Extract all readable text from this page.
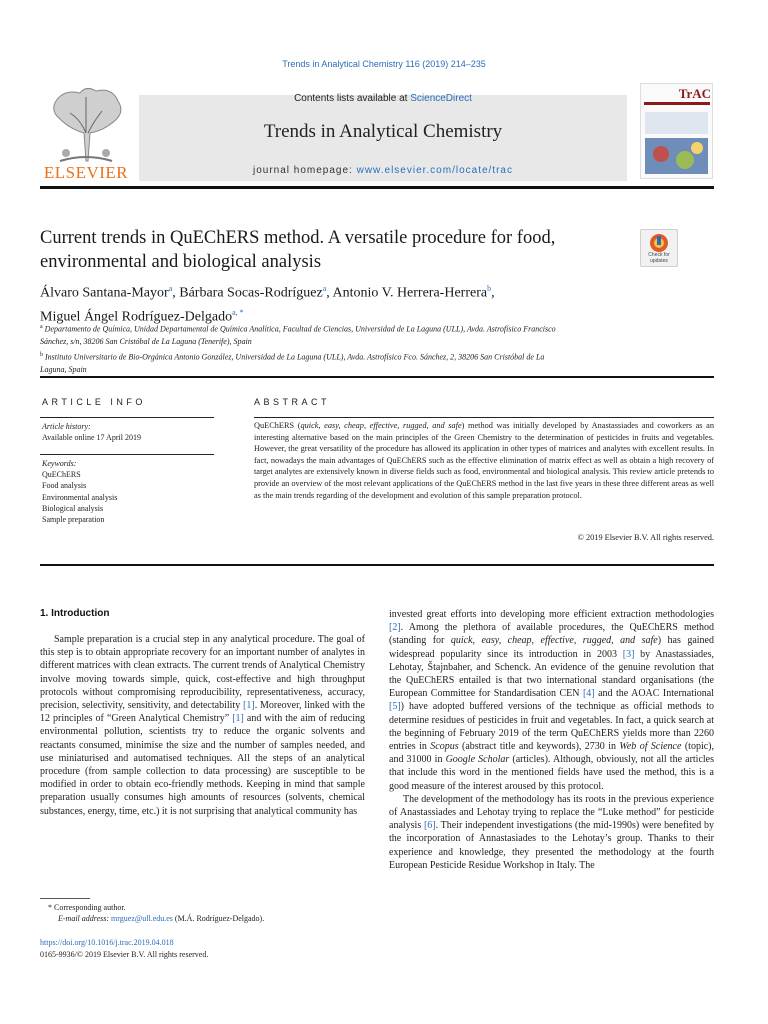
Trends in Analytical Chemistry 116 (2019) 214–235
ELSEVIER
Contents lists available at ScienceDirect
Trends in Analytical Chemistry
journal homepage: www.elsevier.com/locate/trac
TrAC
Current trends in QuEChERS method. A versatile procedure for food,
environmental and biological analysis	Check for updates
Álvaro Santana-Mayor$^a$, Bárbara Socas-Rodríguez$^a$, Antonio V. Herrera-Herrera$^b$,
Miguel Ángel Rodríguez-Delgado$^{a, *}$
$^a$ Departamento de Química, Unidad Departamental de Química Analítica, Facultad de Ciencias, Universidad de La Laguna (ULL), Avda. Astrofísico Francisco
Sánchez, s/n, 38206 San Cristóbal de La Laguna (Tenerife), Spain
$^b$ Instituto Universitario de Bio-Orgánica Antonio González, Universidad de La Laguna (ULL), Avda. Astrofísico Fco. Sánchez, 2, 38206 San Cristóbal de La
Laguna, Spain
ARTICLE INFO
Article history:
Available online 17 April 2019
Keywords:
QuEChERS
Food analysis
Environmental analysis
Biological analysis
Sample preparation
ABSTRACT
QuEChERS (quick, easy, cheap, effective, rugged, and safe) method was initially developed by Anastassiades and coworkers as an interesting alternative based on the main principles of the Green Chemistry to the determination of pesticides in fruits and vegetables. However, the great versatility of the procedure has allowed its application in other types of matrices and analytes with excellent results. In fact, nowadays the main advantages of QuEChERS such as the effective elimination of matrix effect as well as obtain a high recovery of target analytes are extensively known in diverse fields such as food, environmental and biological analysis. This review article pretends to provide an overview of the most relevant applications of the QuEChERS method in the last five years in these three different areas as well as the main trends regarding of the development and evolution of this sample preparation protocol.
© 2019 Elsevier B.V. All rights reserved.
1. Introduction

Sample preparation is a crucial step in any analytical procedure. The goal of this step is to obtain appropriate recovery for an important number of analytes in different matrices with clean extracts. The current trends of Analytical Chemistry involve moving towards simple, quick, cost-effective and high throughput protocols without compromising reproducibility, representativeness, accuracy, precision, selectivity, sensitivity, and detectability [1]. Moreover, linked with the 12 principles of “Green Analytical Chemistry” [1] and with the aim of reducing environmental pollution, scientists try to reduce the organic solvents and reactants consumed, minimise the size and the number of samples needed, and use miniaturised and automatised techniques. All the steps of an analytical procedure (from sample collection to data processing) are susceptible to be modified in order to obtain eco-friendly methods. Keeping in mind that sample preparation usually consumes high amounts of resources (solvents, chemical substances, energy, time, etc.) it is not surprising that analytical community has

invested great efforts into developing more efficient extraction methodologies [2]. Among the plethora of available procedures, the QuEChERS method (standing for quick, easy, cheap, effective, rugged, and safe) has gained widespread popularity since its introduction in 2003 [3] by Anastassiades, Lehotay, Štajnbaher, and Schenck. An evidence of the genuine revolution that the QuEChERS entailed is that two international standard organisations (the European Committee for Standardisation CEN [4] and the AOAC International [5]) have adopted buffered versions of the technique as official methods to determine residues of pesticides in fruit and vegetables. In fact, a quick search at the beginning of February 2019 of the term QuEChERS yields more than 2260 entries in Scopus (abstract title and keywords), 2730 in Web of Science (topic), and 31000 in Google Scholar (articles). Although, obviously, not all the articles that include this word in the mentioned fields have used the method, this is a good measure of the interest aroused by this protocol.

The development of the methodology has its roots in the previous experience of Anastassiades and Lehotay trying to replace the “Luke method” for pesticide analysis [6]. Their independent investigations (the mid-1990s) were benefited by the incorporation of Annastasiades to the Lehotay’s group. Thanks to their experience and knowledge, they presented the methodology at the fourth European Pesticide Residue Workshop in Italy. The

* Corresponding author.
E-mail address: mrguez@ull.edu.es (M.Á. Rodríguez-Delgado).
https://doi.org/10.1016/j.trac.2019.04.018
0165-9936/© 2019 Elsevier B.V. All rights reserved.
